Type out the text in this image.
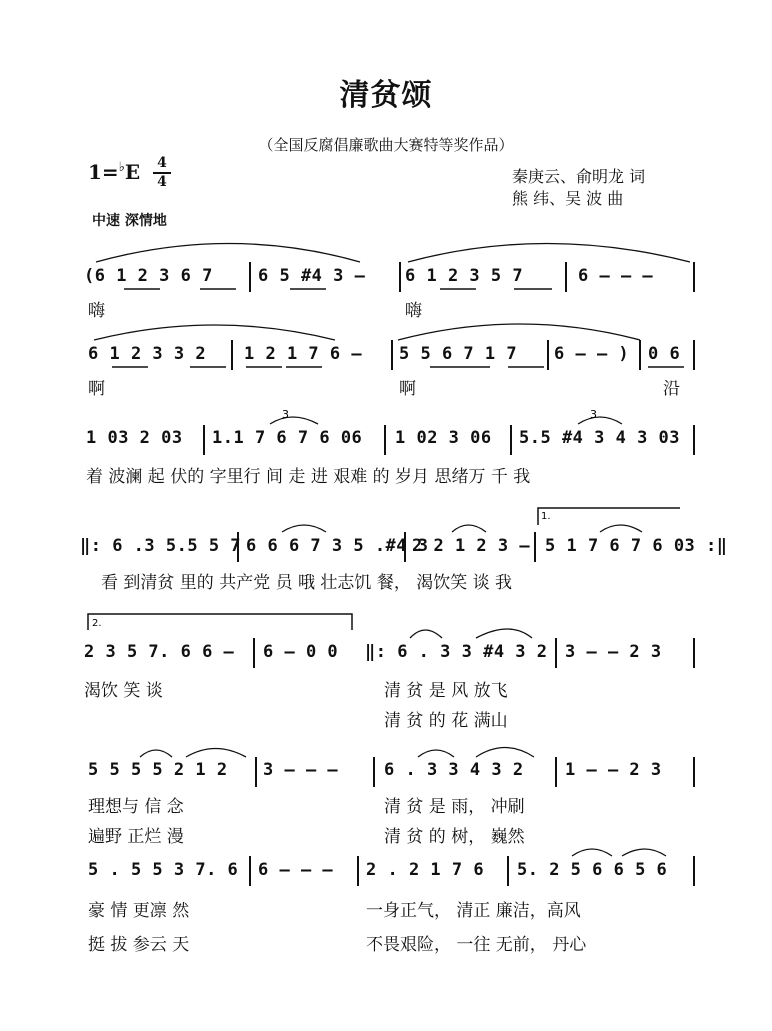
清贫颂
（全国反腐倡廉歌曲大赛特等奖作品）
1=♭E 4
4	秦庚云、俞明龙 词
熊 纬、吴 波 曲
中速 深情地
(6 1 2 3 6 7	6 5 #4 3 – 6 1 2 3 5 7	6 – – –
嗨	嗨
6 1 2 3 3 2 1 2 1 7 6 – 5 5 6 7 1 7 6 – – ) 0 6
啊	啊	沿
1 03 2 03 1.1 7 6 7 6 06 1 02 3 06 5.5 #4 3 4 3 03
着 波澜 起 伏的 字里行 间 走 进 艰难 的 岁月 思绪万 千 我
‖: 6 .3 5.5 5 7 6 6 6 7 3 5 .#4 3
2 2 1 2 3 – 5 1 7 6 7 6 03 :‖
看 到清贫 里的 共产党 员 哦 壮志饥 餐， 渴饮笑 谈 我
2 3 5 7. 6 6 – 6 – 0 0 ‖: 6 . 3 3 #4 3 2 3 – – 2 3
渴饮 笑 谈	清 贫 是 风 放飞
清 贫 的 花 满山
5 5 5 5 2 1 2 3 – – –	6 . 3 3 4 3 2 1 – – 2 3
理想与 信 念	清 贫 是 雨， 冲刷
遍野 正烂 漫	清 贫 的 树， 巍然
5 . 5 5 3 7. 6 6 – – – 2 . 2 1 7 6 5. 2 5 6 6 5 6
豪 情 更凛 然	一身正气， 清正 廉洁，高风
挺 拔 参云 天	不畏艰险， 一往 无前， 丹心
3	3
1.
2.
